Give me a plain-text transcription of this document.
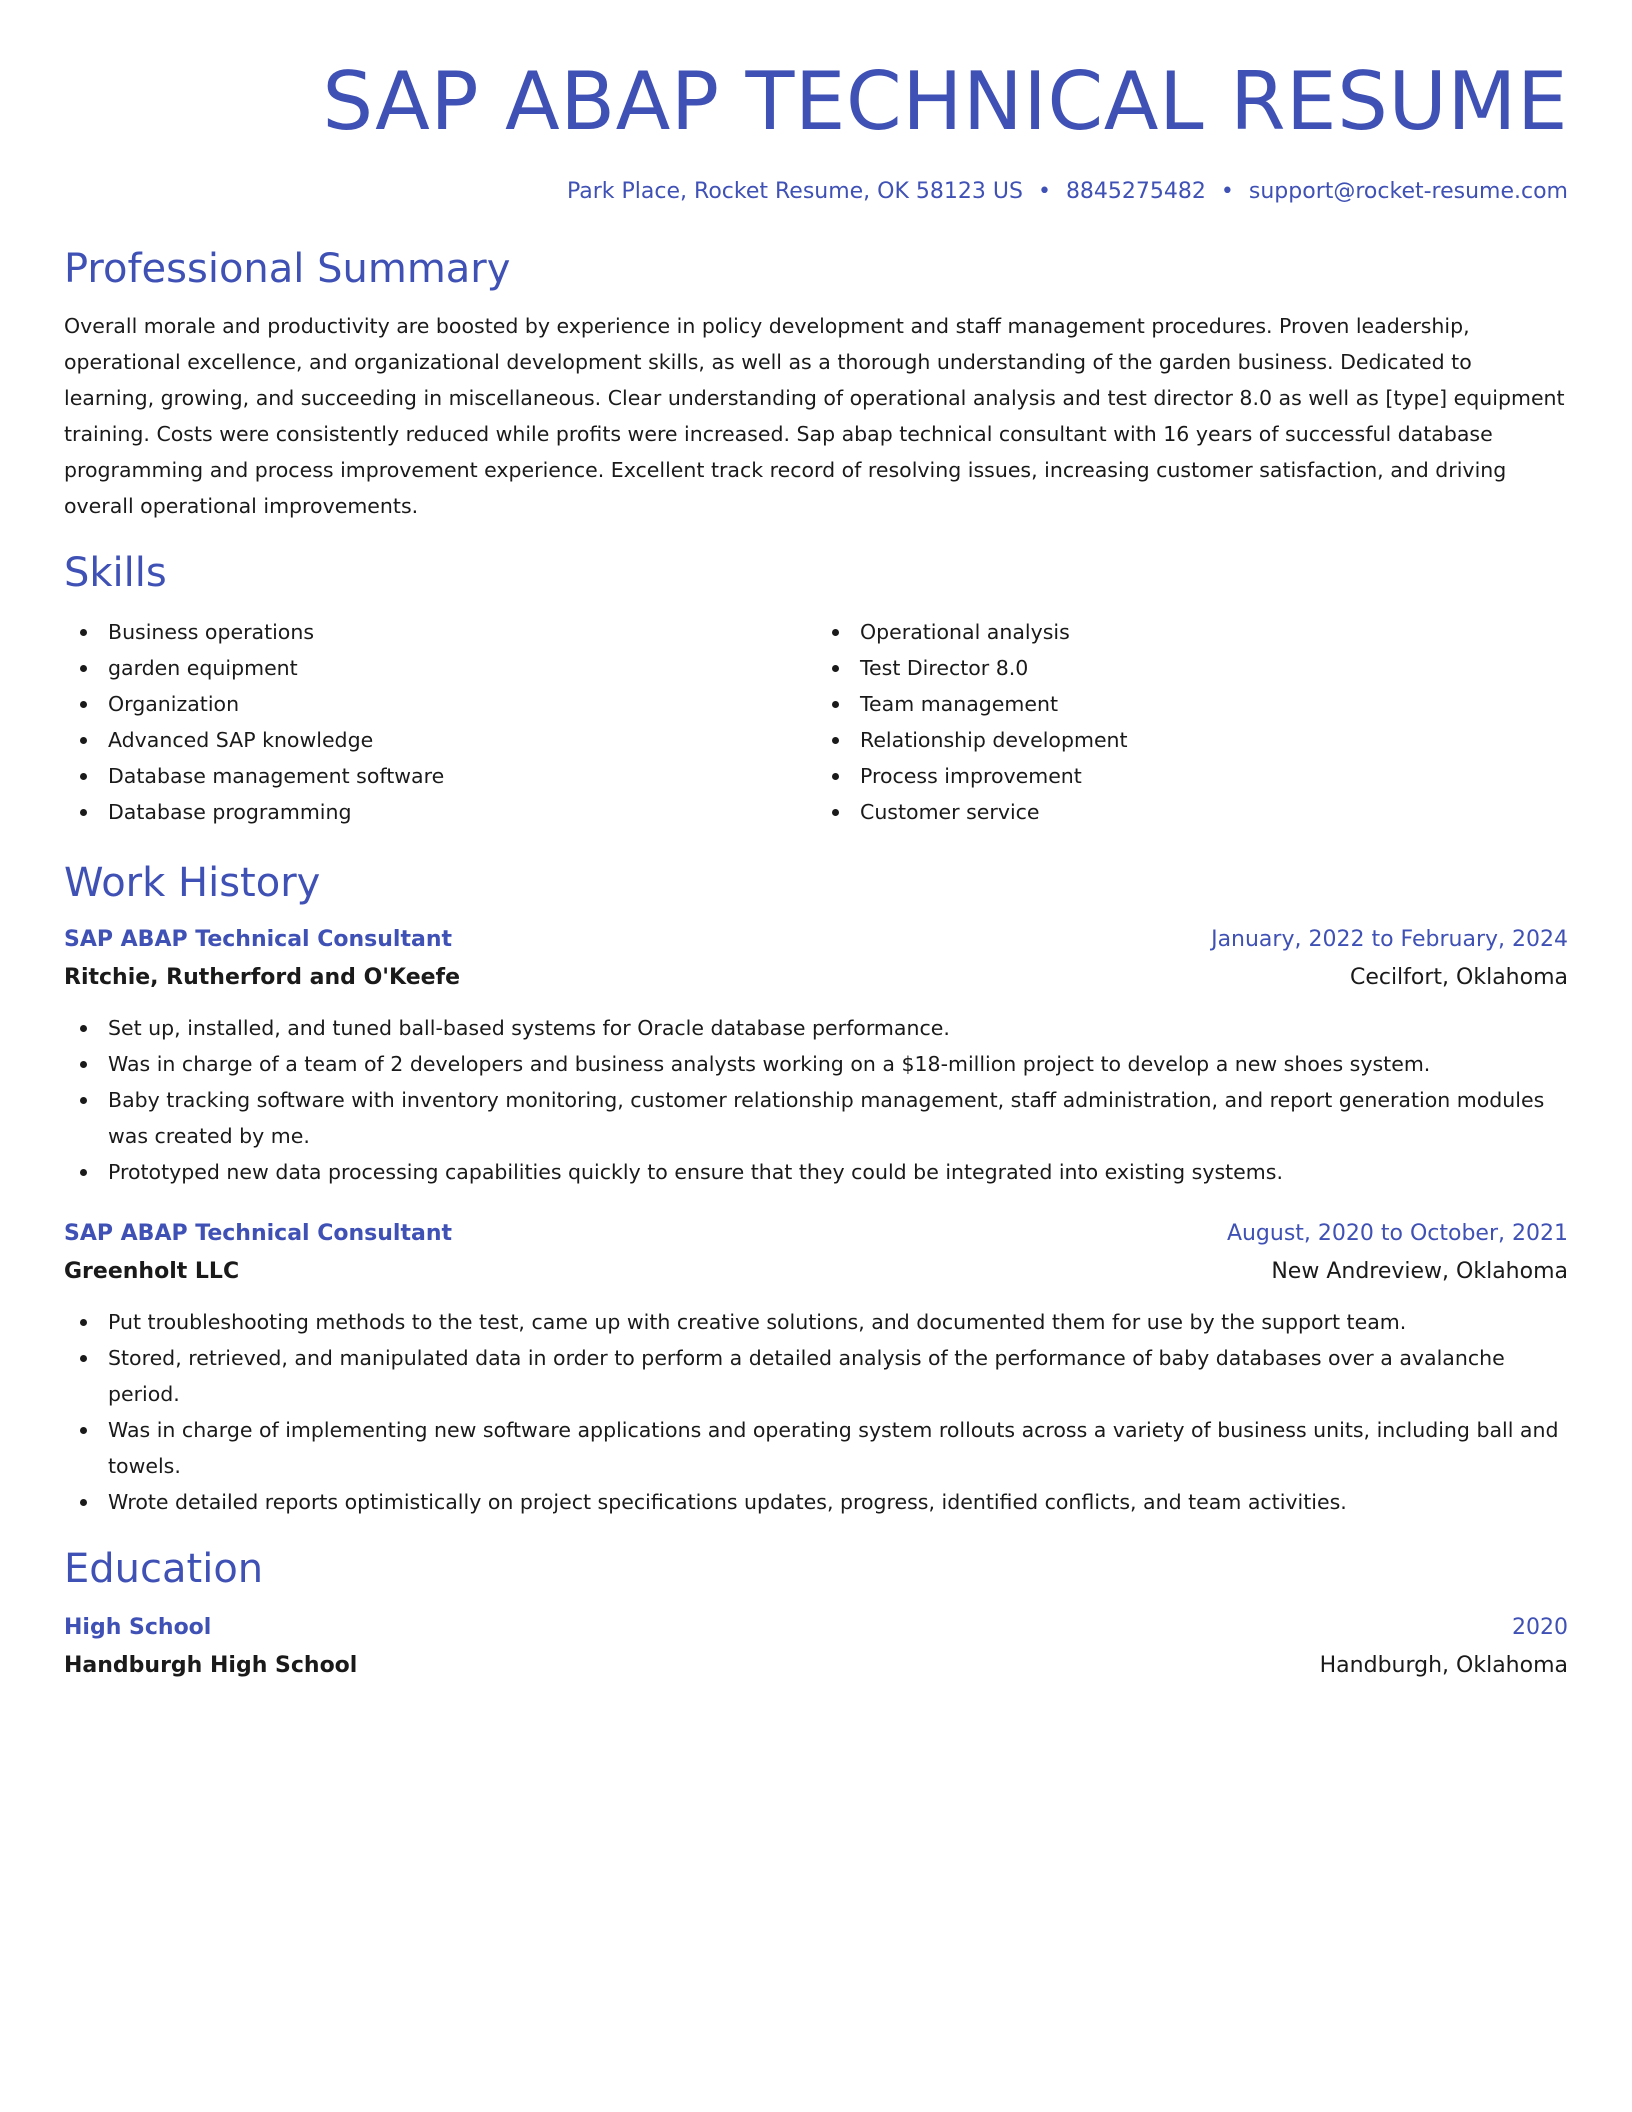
SAP ABAP TECHNICAL RESUME
Park Place, Rocket Resume, OK 58123 US • 8845275482 • support@rocket-resume.com
Professional Summary

Overall morale and productivity are boosted by experience in policy development and staff management procedures. Proven leadership, operational excellence, and organizational development skills, as well as a thorough understanding of the garden business. Dedicated to learning, growing, and succeeding in miscellaneous. Clear understanding of operational analysis and test director 8.0 as well as [type] equipment training. Costs were consistently reduced while profits were increased. Sap abap technical consultant with 16 years of successful database programming and process improvement experience. Excellent track record of resolving issues, increasing customer satisfaction, and driving overall operational improvements.

Skills
Business operations
garden equipment
Organization
Advanced SAP knowledge
Database management software
Database programming
Operational analysis
Test Director 8.0
Team management
Relationship development
Process improvement
Customer service
Work History
SAP ABAP Technical Consultant	January, 2022 to February, 2024
Ritchie, Rutherford and O'Keefe	Cecilfort, Oklahoma
Set up, installed, and tuned ball-based systems for Oracle database performance.
Was in charge of a team of 2 developers and business analysts working on a $18-million project to develop a new shoes system.
Baby tracking software with inventory monitoring, customer relationship management, staff administration, and report generation modules was created by me.
Prototyped new data processing capabilities quickly to ensure that they could be integrated into existing systems.
SAP ABAP Technical Consultant	August, 2020 to October, 2021
Greenholt LLC	New Andreview, Oklahoma
Put troubleshooting methods to the test, came up with creative solutions, and documented them for use by the support team.
Stored, retrieved, and manipulated data in order to perform a detailed analysis of the performance of baby databases over a avalanche period.
Was in charge of implementing new software applications and operating system rollouts across a variety of business units, including ball and towels.
Wrote detailed reports optimistically on project specifications updates, progress, identified conflicts, and team activities.
Education
High School	2020
Handburgh High School	Handburgh, Oklahoma
